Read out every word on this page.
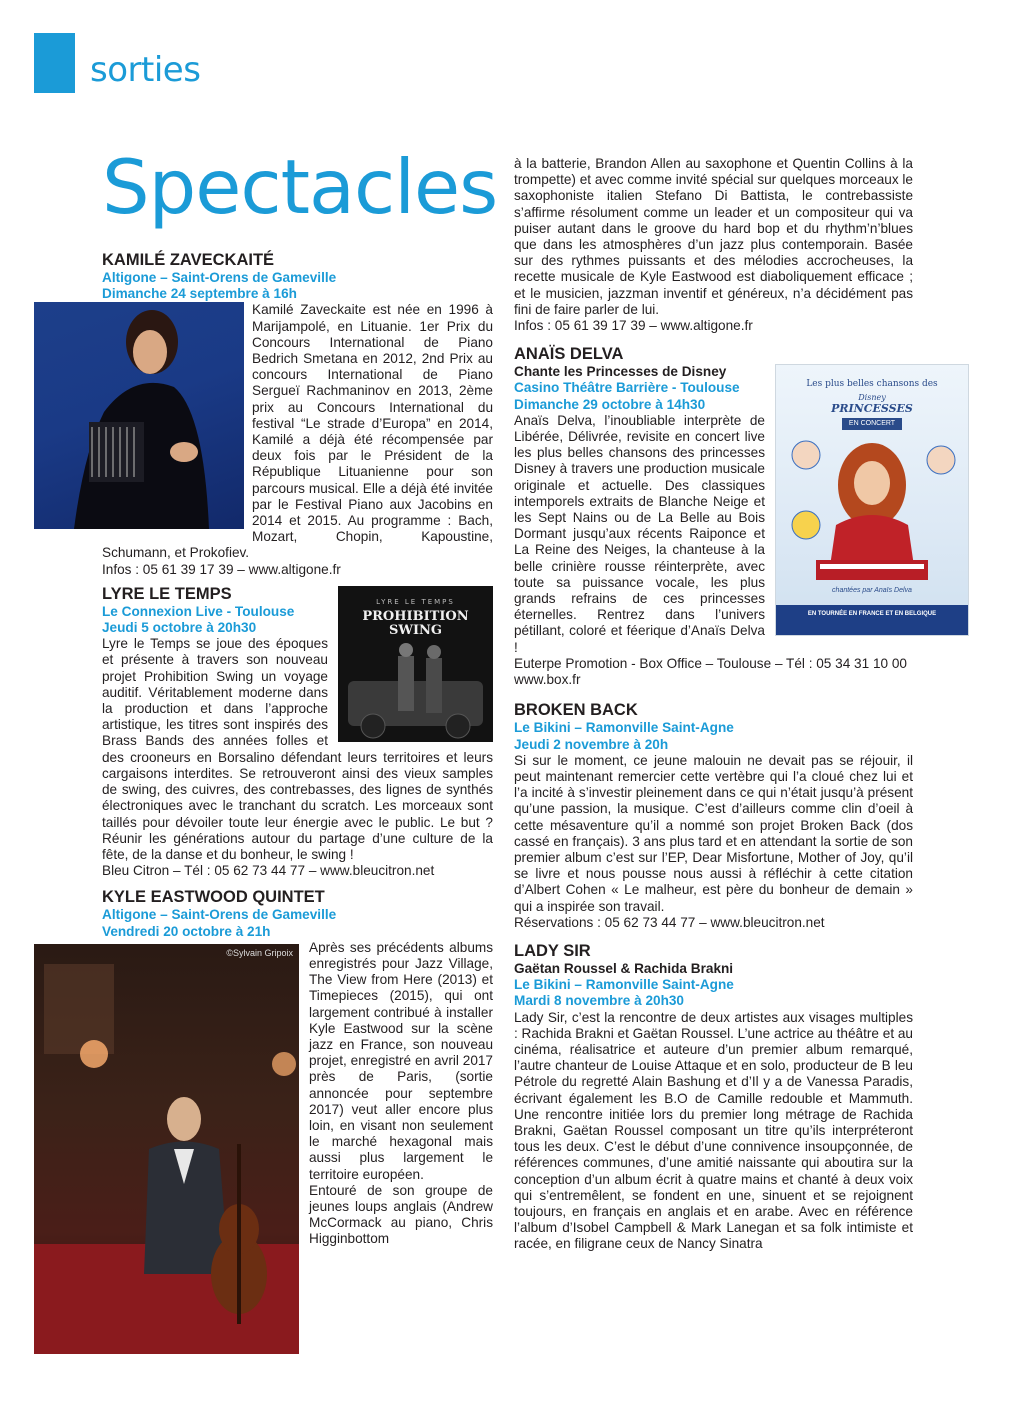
sorties
Spectacles
KAMILÉ ZAVECKAITÉ
Altigone – Saint-Orens de Gameville
Dimanche 24 septembre à 16h

Kamilé Zaveckaite est née en 1996 à Marijampolé, en Lituanie. 1er Prix du Concours International de Piano Bedrich Smetana en 2012, 2nd Prix au concours International de Piano Sergueï Rachmaninov en 2013, 2ème prix au Concours International du festival “Le strade d’Europa” en 2014, Kamilé a déjà été récompensée par deux fois par le Président de la République Lituanienne pour son parcours musical. Elle a déjà été invitée par le Festival Piano aux Jacobins en 2014 et 2015. Au programme : Bach, Mozart, Chopin, Kapoustine, Schumann, et Prokofiev.

Infos : 05 61 39 17 39 – www.altigone.fr
LYRE LE TEMPS
PROHIBITION SWING
LYRE LE TEMPS
Le Connexion Live - Toulouse
Jeudi 5 octobre à 20h30

Lyre le Temps se joue des époques et présente à travers son nouveau projet Prohibition Swing un voyage auditif. Véritablement moderne dans la production et dans l’approche artistique, les titres sont inspirés des Brass Bands des années folles et des crooneurs en Borsalino défendant leurs territoires et leurs cargaisons interdites. Se retrouveront ainsi des vieux samples de swing, des cuivres, des contrebasses, des lignes de synthés électroniques avec le tranchant du scratch. Les morceaux sont taillés pour dévoiler toute leur énergie avec le public. Le but ? Réunir les générations autour du partage d’une culture de la fête, de la danse et du bonheur, le swing !

Bleu Citron – Tél : 05 62 73 44 77 – www.bleucitron.net
KYLE EASTWOOD QUINTET
Altigone – Saint-Orens de Gameville
Vendredi 20 octobre à 21h
©Sylvain Gripoix	Après ses précédents albums enregistrés pour Jazz Village, The View from Here (2013) et Timepieces (2015), qui ont largement contribué à installer Kyle Eastwood sur la scène jazz en France, son nouveau projet, enregistré en avril 2017 près de Paris, (sortie annoncée pour septembre 2017) veut aller encore plus loin, en visant non seulement le marché hexagonal mais aussi plus largement le territoire européen.

Entouré de son groupe de jeunes loups anglais (Andrew McCormack au piano, Chris Higginbottom

à la batterie, Brandon Allen au saxophone et Quentin Collins à la trompette) et avec comme invité spécial sur quelques morceaux le saxophoniste italien Stefano Di Battista, le contrebassiste s’affirme résolument comme un leader et un compositeur qui va puiser autant dans le groove du hard bop et du rhythm’n’blues que dans les atmosphères d’un jazz plus contemporain. Basée sur des rythmes puissants et des mélodies accrocheuses, la recette musicale de Kyle Eastwood est diaboliquement efficace ; et le musicien, jazzman inventif et généreux, n’a décidément pas fini de faire parler de lui.

Infos : 05 61 39 17 39 – www.altigone.fr
ANAÏS DELVA
Les plus belles chansons des
Disney
PRINCESSES
EN CONCERT
chantées par Anaïs Delva
EN TOURNÉE EN FRANCE ET EN BELGIQUE
Chante les Princesses de Disney
Casino Théâtre Barrière - Toulouse
Dimanche 29 octobre à 14h30

Anaïs Delva, l’inoubliable interprète de Libérée, Délivrée, revisite en concert live les plus belles chansons des princesses Disney à travers une production musicale originale et actuelle. Des classiques intemporels extraits de Blanche Neige et les Sept Nains ou de La Belle au Bois Dormant jusqu’aux récents Raiponce et La Reine des Neiges, la chanteuse à la belle crinière rousse réinterprète, avec toute sa puissance vocale, les plus grands refrains de ces princesses éternelles. Rentrez dans l’univers pétillant, coloré et féerique d’Anaïs Delva !

Euterpe Promotion - Box Office – Toulouse – Tél : 05 34 31 10 00 www.box.fr
BROKEN BACK
Le Bikini – Ramonville Saint-Agne
Jeudi 2 novembre à 20h

Si sur le moment, ce jeune malouin ne devait pas se réjouir, il peut maintenant remercier cette vertèbre qui l’a cloué chez lui et l’a incité à s’investir pleinement dans ce qui n’était jusqu’à présent qu’une passion, la musique. C’est d’ailleurs comme clin d’oeil à cette mésaventure qu’il a nommé son projet Broken Back (dos cassé en français). 3 ans plus tard et en attendant la sortie de son premier album c’est sur l’EP, Dear Misfortune, Mother of Joy, qu’il se livre et nous pousse nous aussi à réfléchir à cette citation d’Albert Cohen « Le malheur, est père du bonheur de demain » qui a inspirée son travail.

Réservations : 05 62 73 44 77 – www.bleucitron.net
LADY SIR
Gaëtan Roussel & Rachida Brakni
Le Bikini – Ramonville Saint-Agne
Mardi 8 novembre à 20h30

Lady Sir, c’est la rencontre de deux artistes aux visages multiples : Rachida Brakni et Gaëtan Roussel. L’une actrice au théâtre et au cinéma, réalisatrice et auteure d’un premier album remarqué, l’autre chanteur de Louise Attaque et en solo, producteur de B leu Pétrole du regretté Alain Bashung et d’Il y a de Vanessa Paradis, écrivant également les B.O de Camille redouble et Mammuth. Une rencontre initiée lors du premier long métrage de Rachida Brakni, Gaëtan Roussel composant un titre qu’ils interpréteront tous les deux. C’est le début d’une connivence insoupçonnée, de références communes, d’une amitié naissante qui aboutira sur la conception d’un album écrit à quatre mains et chanté à deux voix qui s’entremêlent, se fondent en une, sinuent et se rejoignent toujours, en français en anglais et en arabe. Avec en référence l’album d’Isobel Campbell & Mark Lanegan et sa folk intimiste et racée, en filigrane ceux de Nancy Sinatra
